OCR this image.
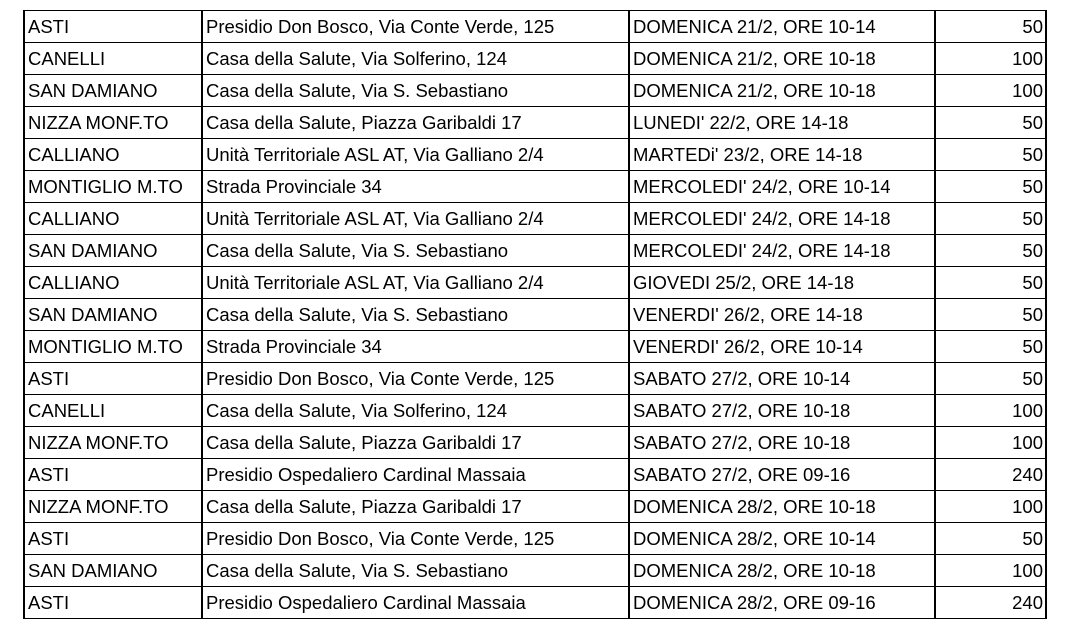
ASTI	Presidio Don Bosco, Via Conte Verde, 125	DOMENICA 21/2, ORE 10-14	50
CANELLI	Casa della Salute, Via Solferino, 124	DOMENICA 21/2, ORE 10-18	100
SAN DAMIANO	Casa della Salute, Via S. Sebastiano	DOMENICA 21/2, ORE 10-18	100
NIZZA MONF.TO	Casa della Salute, Piazza Garibaldi 17	LUNEDI' 22/2, ORE 14-18	50
CALLIANO	Unità Territoriale ASL AT, Via Galliano 2/4	MARTEDi' 23/2, ORE 14-18	50
MONTIGLIO M.TO	Strada Provinciale 34	MERCOLEDI' 24/2, ORE 10-14	50
CALLIANO	Unità Territoriale ASL AT, Via Galliano 2/4	MERCOLEDI' 24/2, ORE 14-18	50
SAN DAMIANO	Casa della Salute, Via S. Sebastiano	MERCOLEDI' 24/2, ORE 14-18	50
CALLIANO	Unità Territoriale ASL AT, Via Galliano 2/4	GIOVEDI 25/2, ORE 14-18	50
SAN DAMIANO	Casa della Salute, Via S. Sebastiano	VENERDI' 26/2, ORE 14-18	50
MONTIGLIO M.TO	Strada Provinciale 34	VENERDI' 26/2, ORE 10-14	50
ASTI	Presidio Don Bosco, Via Conte Verde, 125	SABATO 27/2, ORE 10-14	50
CANELLI	Casa della Salute, Via Solferino, 124	SABATO 27/2, ORE 10-18	100
NIZZA MONF.TO	Casa della Salute, Piazza Garibaldi 17	SABATO 27/2, ORE 10-18	100
ASTI	Presidio Ospedaliero Cardinal Massaia	SABATO 27/2, ORE 09-16	240
NIZZA MONF.TO	Casa della Salute, Piazza Garibaldi 17	DOMENICA 28/2, ORE 10-18	100
ASTI	Presidio Don Bosco, Via Conte Verde, 125	DOMENICA 28/2, ORE 10-14	50
SAN DAMIANO	Casa della Salute, Via S. Sebastiano	DOMENICA 28/2, ORE 10-18	100
ASTI	Presidio Ospedaliero Cardinal Massaia	DOMENICA 28/2, ORE 09-16	240
